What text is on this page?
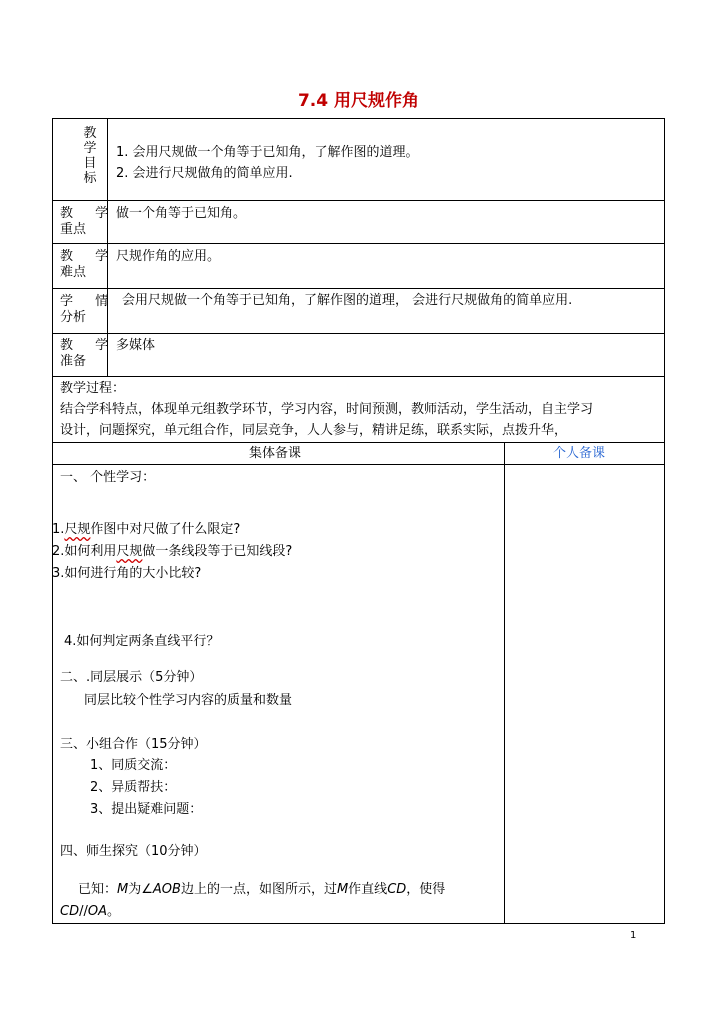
7.4 用尺规作角
教学目标
1. 会用尺规做一个角等于已知角，了解作图的道理。
2. 会进行尺规做角的简单应用.
教 学
重点
做一个角等于已知角。
教 学
难点
尺规作角的应用。
学 情
分析
会用尺规做一个角等于已知角，了解作图的道理， 会进行尺规做角的简单应用.
教 学
准备
多媒体
教学过程：
结合学科特点，体现单元组教学环节，学习内容，时间预测，教师活动，学生活动，自主学习
设计，问题探究，单元组合作，同层竞争，人人参与，精讲足练，联系实际，点拨升华，
集体备课	个人备课
一、 个性学习：
1.尺规作图中对尺做了什么限定?
2.如何利用尺规做一条线段等于已知线段?
3.如何进行角的大小比较?
4.如何判定两条直线平行？
二、.同层展示（5分钟）
同层比较个性学习内容的质量和数量
三、小组合作（15分钟）
1、同质交流：
2、异质帮扶：
3、提出疑难问题：
四、师生探究（10分钟）
已知：M为∠AOB边上的一点，如图所示，过M作直线CD，使得
CD//OA。
1
